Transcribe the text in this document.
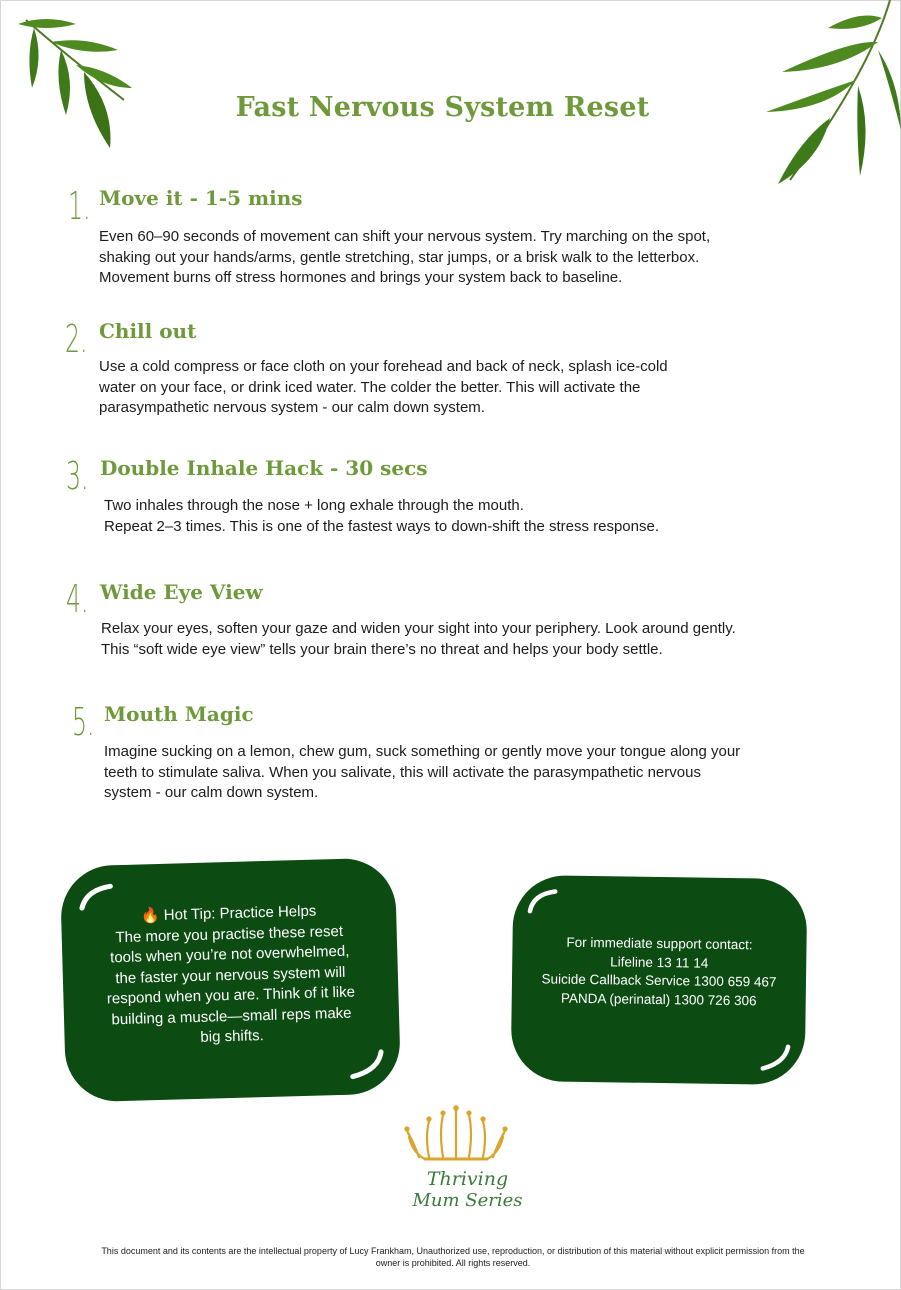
Fast Nervous System Reset
1. Move it - 1-5 mins
Even 60–90 seconds of movement can shift your nervous system. Try marching on the spot,
shaking out your hands/arms, gentle stretching, star jumps, or a brisk walk to the letterbox.
Movement burns off stress hormones and brings your system back to baseline.
2. Chill out
Use a cold compress or face cloth on your forehead and back of neck, splash ice-cold
water on your face, or drink iced water. The colder the better. This will activate the
parasympathetic nervous system - our calm down system.
3. Double Inhale Hack - 30 secs
Two inhales through the nose + long exhale through the mouth.
Repeat 2–3 times. This is one of the fastest ways to down-shift the stress response.
4. Wide Eye View
Relax your eyes, soften your gaze and widen your sight into your periphery. Look around gently.
This “soft wide eye view” tells your brain there’s no threat and helps your body settle.
5. Mouth Magic
Imagine sucking on a lemon, chew gum, suck something or gently move your tongue along your
teeth to stimulate saliva. When you salivate, this will activate the parasympathetic nervous
system - our calm down system.
🔥 Hot Tip: Practice Helps
The more you practise these reset
tools when you’re not overwhelmed,
the faster your nervous system will
respond when you are. Think of it like
building a muscle—small reps make
big shifts.
For immediate support contact:
Lifeline 13 11 14
Suicide Callback Service 1300 659 467
PANDA (perinatal) 1300 726 306
Thriving
Mum Series
This document and its contents are the intellectual property of Lucy Frankham, Unauthorized use, reproduction, or distribution of this material without explicit permission from the
owner is prohibited. All rights reserved.
